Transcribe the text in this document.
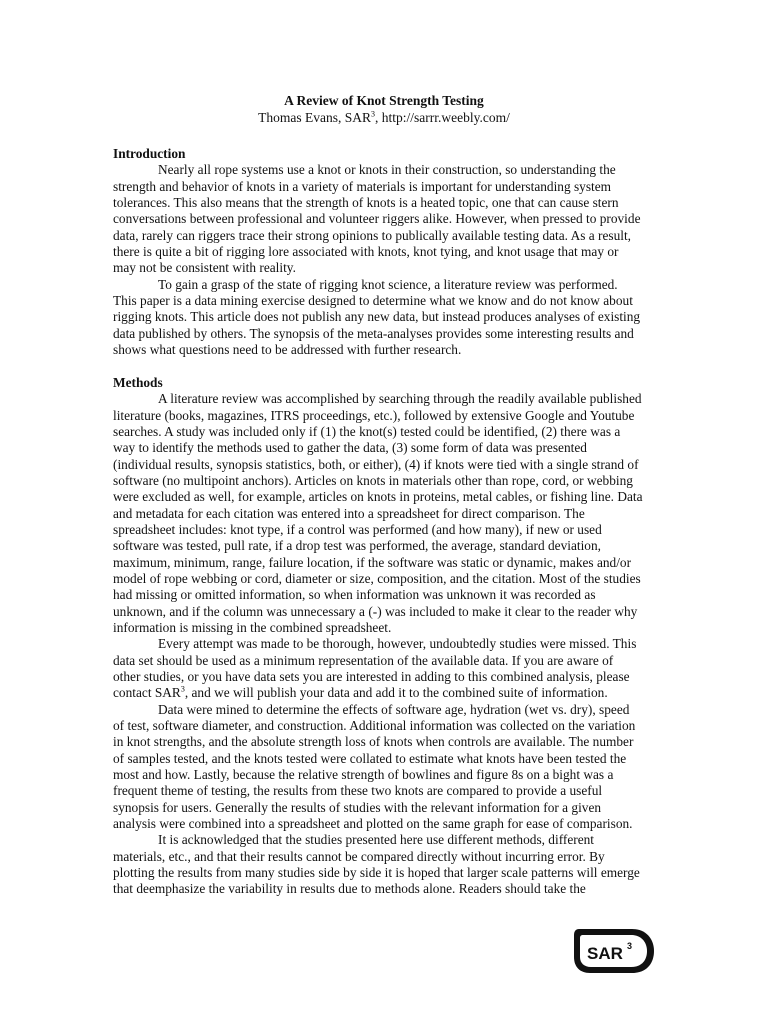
A Review of Knot Strength Testing
Thomas Evans, SAR$^3$, http://sarrr.weebly.com/
Introduction

Nearly all rope systems use a knot or knots in their construction, so understanding the strength and behavior of knots in a variety of materials is important for understanding system tolerances. This also means that the strength of knots is a heated topic, one that can cause stern conversations between professional and volunteer riggers alike. However, when pressed to provide data, rarely can riggers trace their strong opinions to publically available testing data. As a result, there is quite a bit of rigging lore associated with knots, knot tying, and knot usage that may or may not be consistent with reality.

To gain a grasp of the state of rigging knot science, a literature review was performed. This paper is a data mining exercise designed to determine what we know and do not know about rigging knots. This article does not publish any new data, but instead produces analyses of existing data published by others. The synopsis of the meta-analyses provides some interesting results and shows what questions need to be addressed with further research.

Methods

A literature review was accomplished by searching through the readily available published literature (books, magazines, ITRS proceedings, etc.), followed by extensive Google and Youtube searches. A study was included only if (1) the knot(s) tested could be identified, (2) there was a way to identify the methods used to gather the data, (3) some form of data was presented (individual results, synopsis statistics, both, or either), (4) if knots were tied with a single strand of software (no multipoint anchors). Articles on knots in materials other than rope, cord, or webbing were excluded as well, for example, articles on knots in proteins, metal cables, or fishing line. Data and metadata for each citation was entered into a spreadsheet for direct comparison. The spreadsheet includes: knot type, if a control was performed (and how many), if new or used software was tested, pull rate, if a drop test was performed, the average, standard deviation, maximum, minimum, range, failure location, if the software was static or dynamic, makes and/or model of rope webbing or cord, diameter or size, composition, and the citation. Most of the studies had missing or omitted information, so when information was unknown it was recorded as unknown, and if the column was unnecessary a (-) was included to make it clear to the reader why information is missing in the combined spreadsheet.

Every attempt was made to be thorough, however, undoubtedly studies were missed. This data set should be used as a minimum representation of the available data. If you are aware of other studies, or you have data sets you are interested in adding to this combined analysis, please contact SAR$^3$, and we will publish your data and add it to the combined suite of information.

Data were mined to determine the effects of software age, hydration (wet vs. dry), speed of test, software diameter, and construction. Additional information was collected on the variation in knot strengths, and the absolute strength loss of knots when controls are available. The number of samples tested, and the knots tested were collated to estimate what knots have been tested the most and how. Lastly, because the relative strength of bowlines and figure 8s on a bight was a frequent theme of testing, the results from these two knots are compared to provide a useful synopsis for users. Generally the results of studies with the relevant information for a given analysis were combined into a spreadsheet and plotted on the same graph for ease of comparison.

It is acknowledged that the studies presented here use different methods, different materials, etc., and that their results cannot be compared directly without incurring error. By plotting the results from many studies side by side it is hoped that larger scale patterns will emerge that deemphasize the variability in results due to methods alone. Readers should take the

SAR 3
